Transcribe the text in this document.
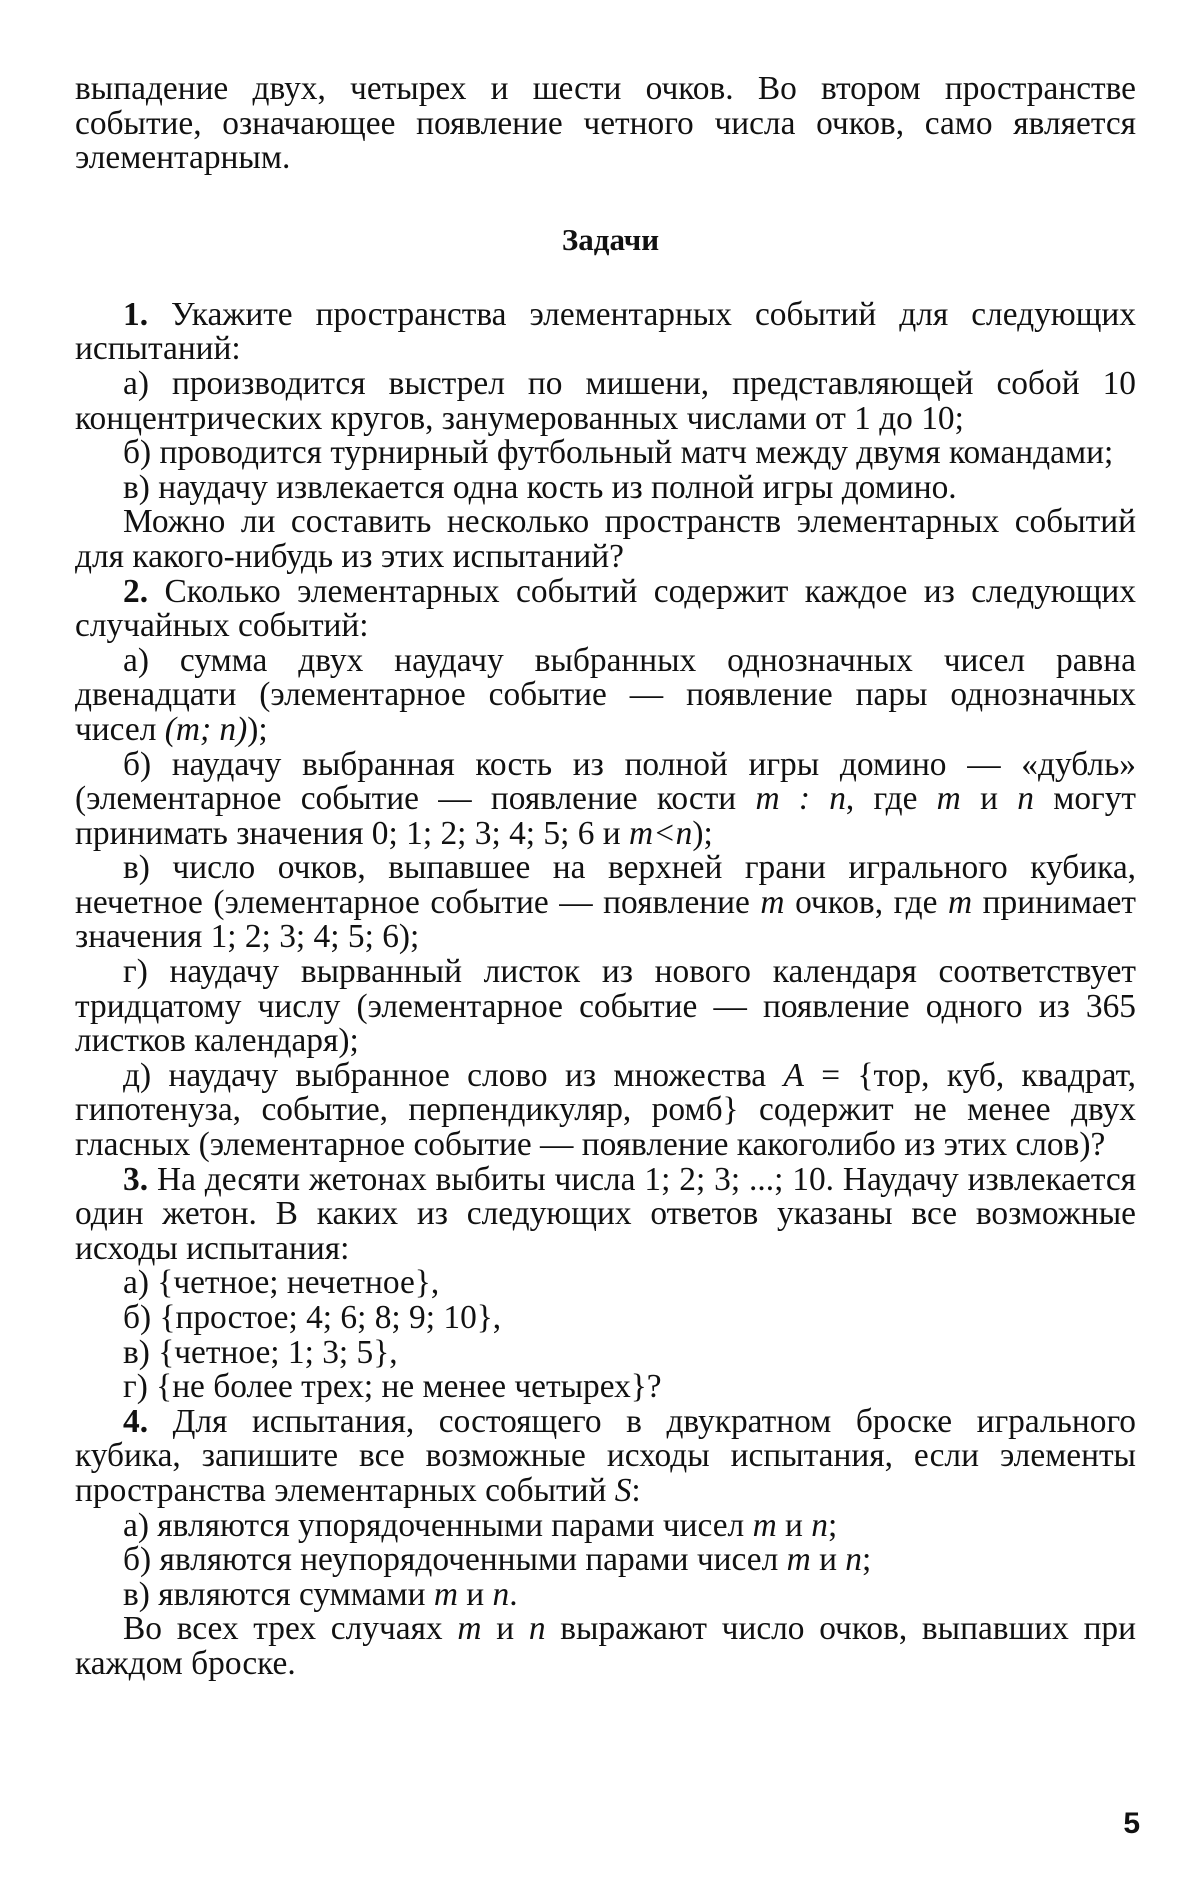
выпадение двух, четырех и шести очков. Во втором пространстве событие, означающее появление четного числа очков, само является элементарным.

Задачи

1. Укажите пространства элементарных событий для следующих испытаний:

а) производится выстрел по мишени, представляющей собой 10 концентрических кругов, занумерованных числами от 1 до 10;

б) проводится турнирный футбольный матч между двумя командами;

в) наудачу извлекается одна кость из полной игры домино.

Можно ли составить несколько пространств элементарных событий для какого-нибудь из этих испытаний?

2. Сколько элементарных событий содержит каждое из следующих случайных событий:

а) сумма двух наудачу выбранных однозначных чисел равна двенадцати (элементарное событие — появление пары однозначных чисел (m; n));

б) наудачу выбранная кость из полной игры домино — «дубль» (элементарное событие — появление кости m : n, где m и n могут принимать значения 0; 1; 2; 3; 4; 5; 6 и m<n);

в) число очков, выпавшее на верхней грани игрального кубика, нечетное (элементарное событие — появление m очков, где m принимает значения 1; 2; 3; 4; 5; 6);

г) наудачу вырванный листок из нового календаря соответствует тридцатому числу (элементарное событие — появление одного из 365 листков календаря);

д) наудачу выбранное слово из множества A = {тор, куб, квадрат, гипотенуза, событие, перпендикуляр, ромб} содержит не менее двух гласных (элементарное событие — появление какоголибо из этих слов)?

3. На десяти жетонах выбиты числа 1; 2; 3; ...; 10. Наудачу извлекается один жетон. В каких из следующих ответов указаны все возможные исходы испытания:

а) {четное; нечетное},

б) {простое; 4; 6; 8; 9; 10},

в) {четное; 1; 3; 5},

г) {не более трех; не менее четырех}?

4. Для испытания, состоящего в двукратном броске игрального кубика, запишите все возможные исходы испытания, если элементы пространства элементарных событий S:

а) являются упорядоченными парами чисел m и n;

б) являются неупорядоченными парами чисел m и n;

в) являются суммами m и n.

Во всех трех случаях m и n выражают число очков, выпавших при каждом броске.

5
